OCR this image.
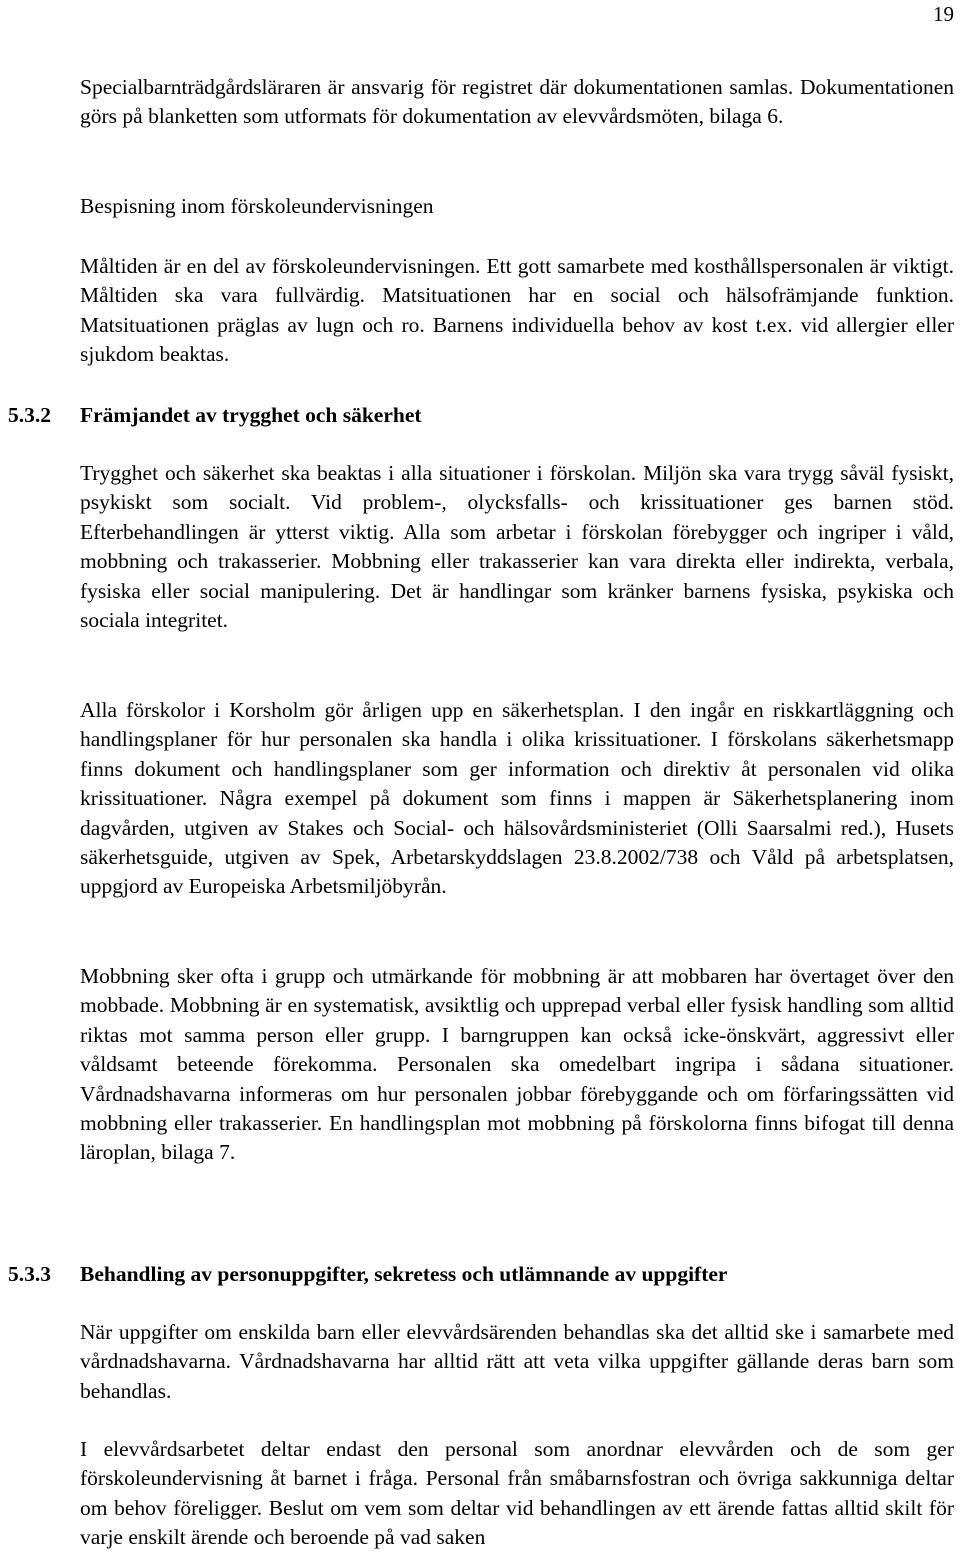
19

Specialbarnträdgårdsläraren är ansvarig för registret där dokumentationen samlas. Dokumentationen görs på blanketten som utformats för dokumentation av elevvårdsmöten, bilaga 6.

Bespisning inom förskoleundervisningen

Måltiden är en del av förskoleundervisningen. Ett gott samarbete med kosthållspersonalen är viktigt. Måltiden ska vara fullvärdig. Matsituationen har en social och hälsofrämjande funktion. Matsituationen präglas av lugn och ro. Barnens individuella behov av kost t.ex. vid allergier eller sjukdom beaktas.

5.3.2 Främjandet av trygghet och säkerhet

Trygghet och säkerhet ska beaktas i alla situationer i förskolan. Miljön ska vara trygg såväl fysiskt, psykiskt som socialt. Vid problem-, olycksfalls- och krissituationer ges barnen stöd. Efterbehandlingen är ytterst viktig. Alla som arbetar i förskolan förebygger och ingriper i våld, mobbning och trakasserier. Mobbning eller trakasserier kan vara direkta eller indirekta, verbala, fysiska eller social manipulering. Det är handlingar som kränker barnens fysiska, psykiska och sociala integritet.

Alla förskolor i Korsholm gör årligen upp en säkerhetsplan. I den ingår en riskkartläggning och handlingsplaner för hur personalen ska handla i olika krissituationer. I förskolans säkerhetsmapp finns dokument och handlingsplaner som ger information och direktiv åt personalen vid olika krissituationer. Några exempel på dokument som finns i mappen är Säkerhetsplanering inom dagvården, utgiven av Stakes och Social- och hälsovårdsministeriet (Olli Saarsalmi red.), Husets säkerhetsguide, utgiven av Spek, Arbetarskyddslagen 23.8.2002/738 och Våld på arbetsplatsen, uppgjord av Europeiska Arbetsmiljöbyrån.

Mobbning sker ofta i grupp och utmärkande för mobbning är att mobbaren har övertaget över den mobbade. Mobbning är en systematisk, avsiktlig och upprepad verbal eller fysisk handling som alltid riktas mot samma person eller grupp. I barngruppen kan också icke-önskvärt, aggressivt eller våldsamt beteende förekomma. Personalen ska omedelbart ingripa i sådana situationer. Vårdnadshavarna informeras om hur personalen jobbar förebyggande och om förfaringssätten vid mobbning eller trakasserier. En handlingsplan mot mobbning på förskolorna finns bifogat till denna läroplan, bilaga 7.

5.3.3 Behandling av personuppgifter, sekretess och utlämnande av uppgifter

När uppgifter om enskilda barn eller elevvårdsärenden behandlas ska det alltid ske i samarbete med vårdnadshavarna. Vårdnadshavarna har alltid rätt att veta vilka uppgifter gällande deras barn som behandlas.

I elevvårdsarbetet deltar endast den personal som anordnar elevvården och de som ger förskoleundervisning åt barnet i fråga. Personal från småbarnsfostran och övriga sakkunniga deltar om behov föreligger. Beslut om vem som deltar vid behandlingen av ett ärende fattas alltid skilt för varje enskilt ärende och beroende på vad saken
